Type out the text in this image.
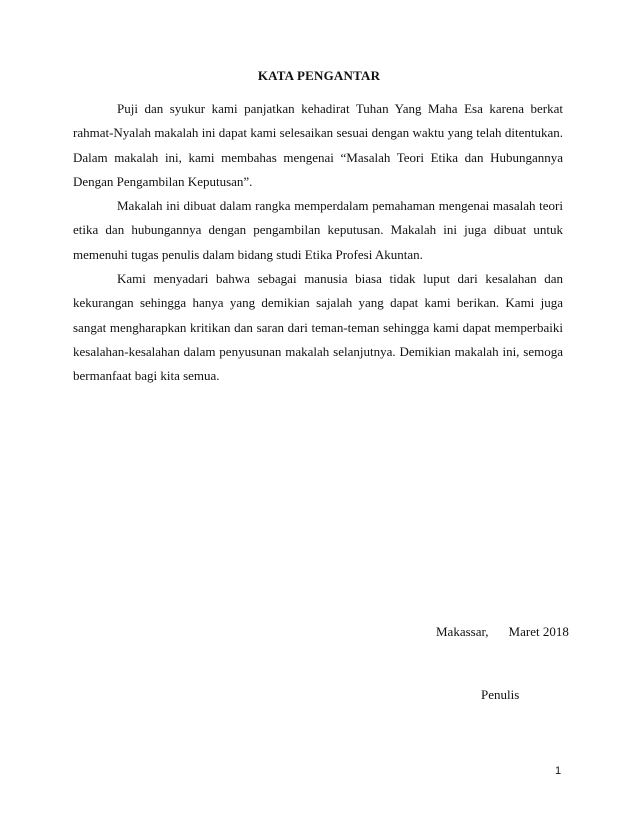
KATA PENGANTAR

Puji dan syukur kami panjatkan kehadirat Tuhan Yang Maha Esa karena berkat rahmat-Nyalah makalah ini dapat kami selesaikan sesuai dengan waktu yang telah ditentukan. Dalam makalah ini, kami membahas mengenai “Masalah Teori Etika dan Hubungannya Dengan Pengambilan Keputusan”.

Makalah ini dibuat dalam rangka memperdalam pemahaman mengenai masalah teori etika dan hubungannya dengan pengambilan keputusan. Makalah ini juga dibuat untuk memenuhi tugas penulis dalam bidang studi Etika Profesi Akuntan.

Kami menyadari bahwa sebagai manusia biasa tidak luput dari kesalahan dan kekurangan sehingga hanya yang demikian sajalah yang dapat kami berikan. Kami juga sangat mengharapkan kritikan dan saran dari teman-teman sehingga kami dapat memperbaiki kesalahan-kesalahan dalam penyusunan makalah selanjutnya. Demikian makalah ini, semoga bermanfaat bagi kita semua.

Makassar, Maret 2018
Penulis
1
